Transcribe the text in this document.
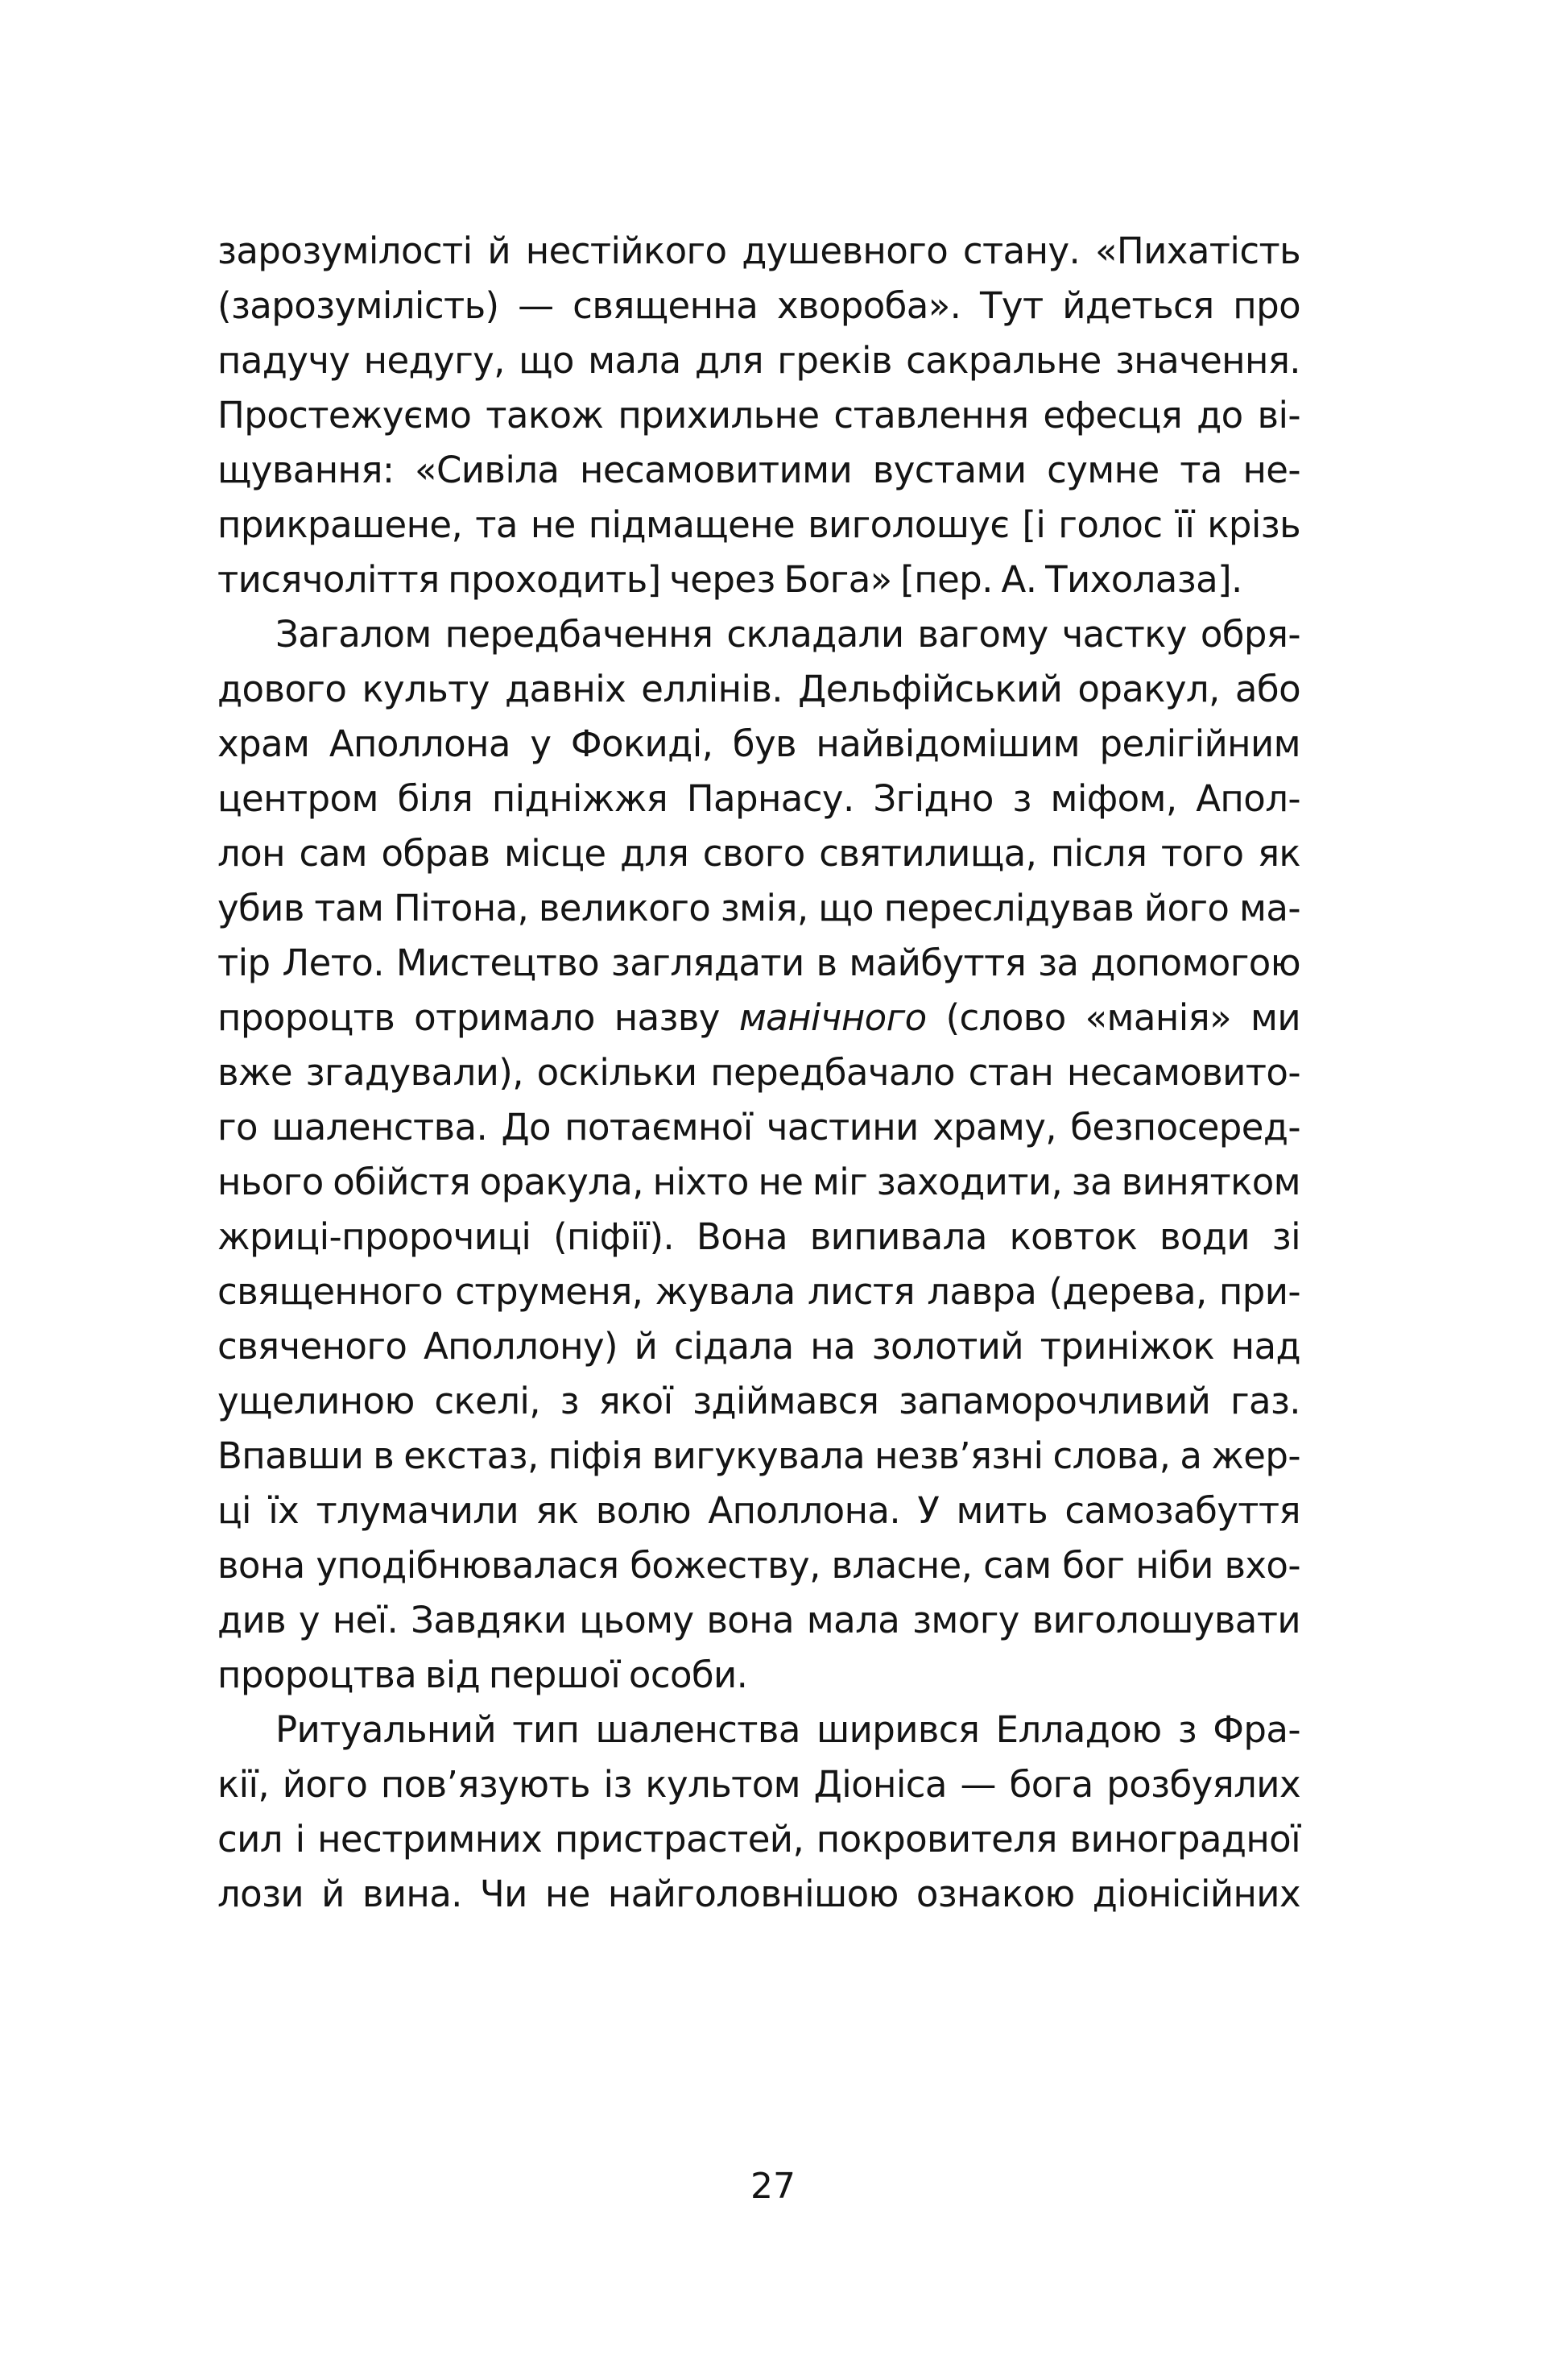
зарозумілості й нестійкого душевного стану. «Пихатість
(зарозумілість) — священна хвороба». Тут йдеться про
падучу недугу, що мала для греків сакральне значення.
Простежуємо також прихильне ставлення ефесця до ві-
щування: «Сивіла несамовитими вустами сумне та не-
прикрашене, та не підмащене виголошує [і голос її крізь
тисячоліття проходить] через Бога» [пер. А. Тихолаза].
Загалом передбачення складали вагому частку обря-
дового культу давніх еллінів. Дельфійський оракул, або
храм Аполлона у Фокиді, був найвідомішим релігійним
центром біля підніжжя Парнасу. Згідно з міфом, Апол-
лон сам обрав місце для свого святилища, після того як
убив там Пітона, великого змія, що переслідував його ма-
тір Лето. Мистецтво заглядати в майбуття за допомогою
пророцтв отримало назву манічного (слово «манія» ми
вже згадували), оскільки передбачало стан несамовито-
го шаленства. До потаємної частини храму, безпосеред-
нього обійстя оракула, ніхто не міг заходити, за винятком
жриці-пророчиці (піфії). Вона випивала ковток води зі
священного струменя, жувала листя лавра (дерева, при-
свяченого Аполлону) й сідала на золотий триніжок над
ущелиною скелі, з якої здіймався запаморочливий газ.
Впавши в екстаз, піфія вигукувала незв’язні слова, а жер-
ці їх тлумачили як волю Аполлона. У мить самозабуття
вона уподібнювалася божеству, власне, сам бог ніби вхо-
див у неї. Завдяки цьому вона мала змогу виголошувати
пророцтва від першої особи.
Ритуальний тип шаленства ширився Елладою з Фра-
кії, його пов’язують із культом Діоніса — бога розбуялих
сил і нестримних пристрастей, покровителя виноградної
лози й вина. Чи не найголовнішою ознакою діонісійних
27
